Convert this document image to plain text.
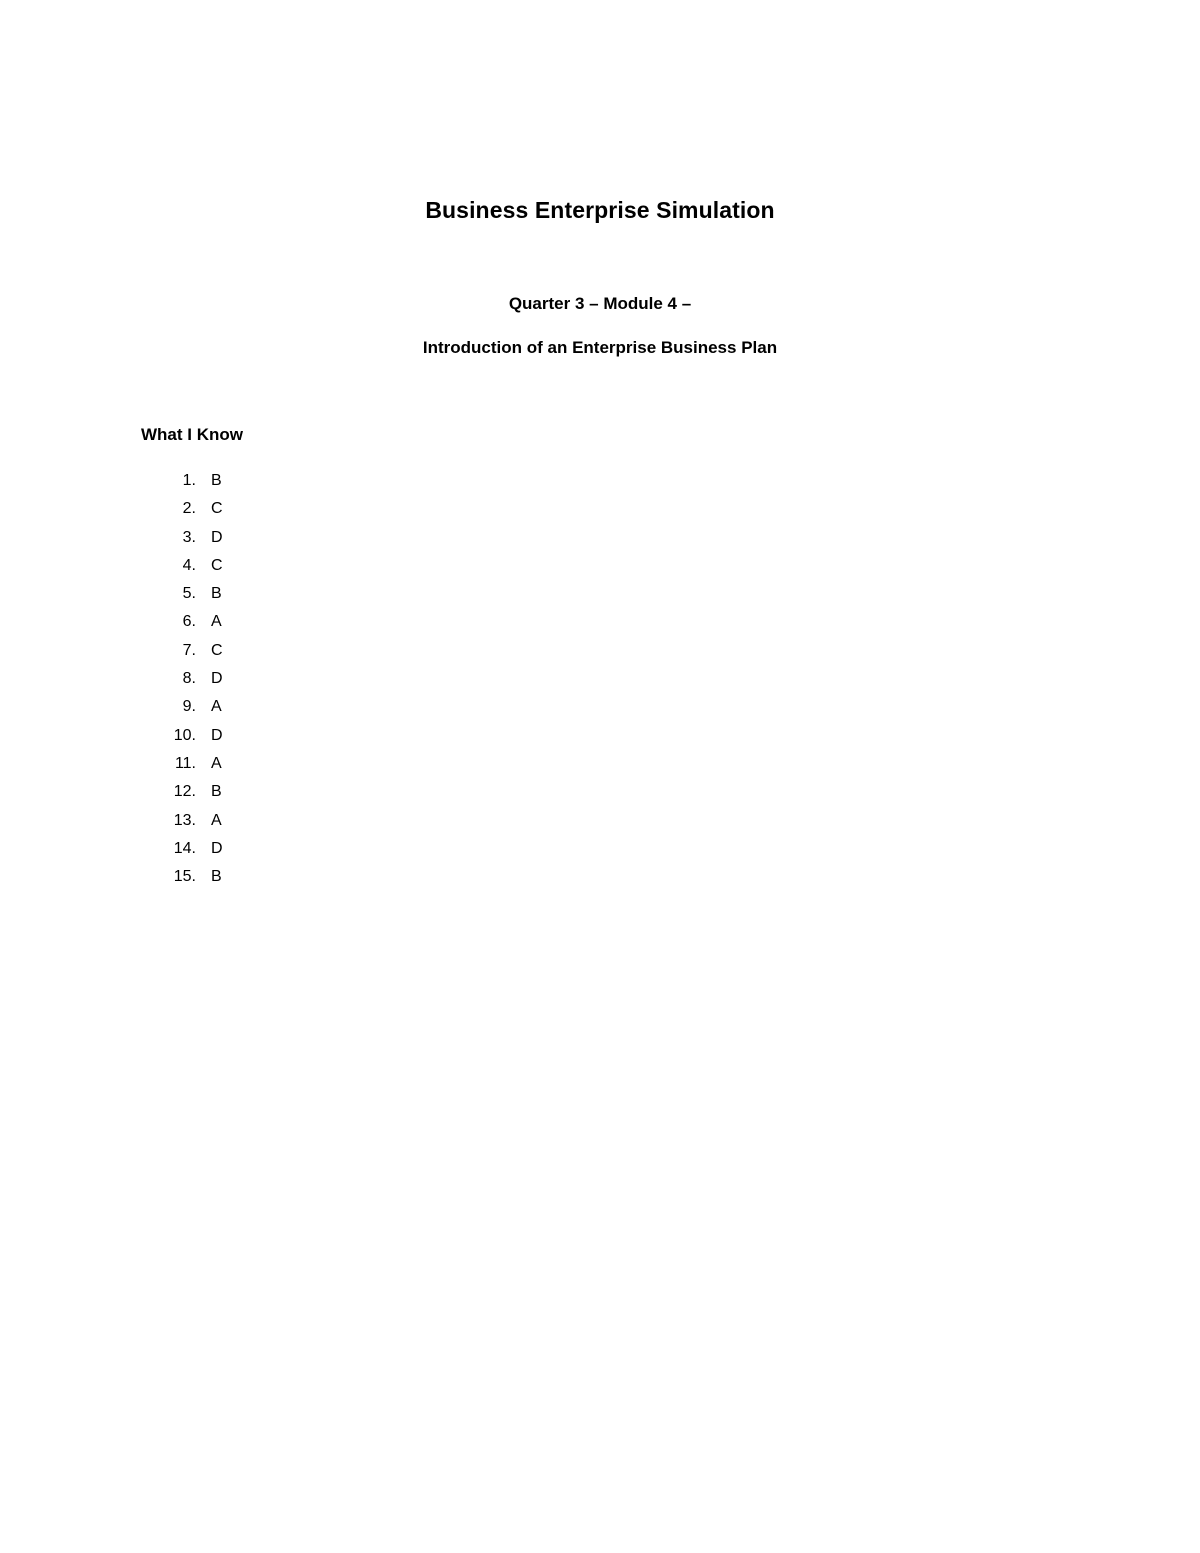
Business Enterprise Simulation
Quarter 3 – Module 4 –
Introduction of an Enterprise Business Plan
What I Know
1. B
2. C
3. D
4. C
5. B
6. A
7. C
8. D
9. A
10. D
11. A
12. B
13. A
14. D
15. B
